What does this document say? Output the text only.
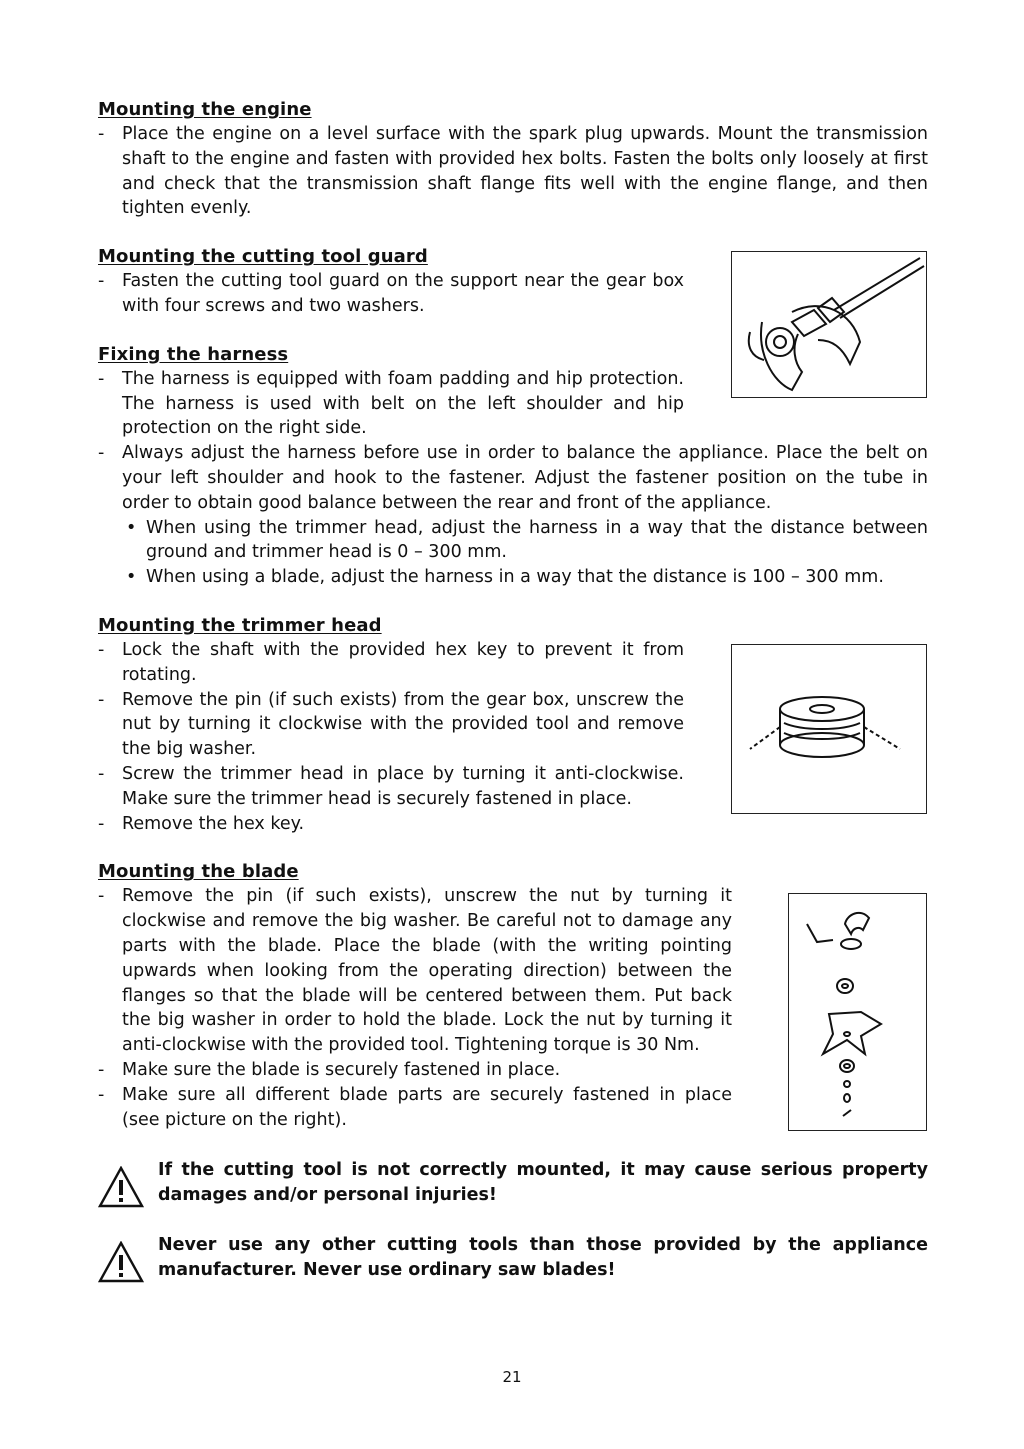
Mounting the engine
- Place the engine on a level surface with the spark plug upwards. Mount the transmission shaft to the engine and fasten with provided hex bolts. Fasten the bolts only loosely at first and check that the transmission shaft flange fits well with the engine flange, and then tighten evenly.
Mounting the cutting tool guard
- Fasten the cutting tool guard on the support near the gear box with four screws and two washers.
Fixing the harness
- The harness is equipped with foam padding and hip protection. The harness is used with belt on the left shoulder and hip protection on the right side.
- Always adjust the harness before use in order to balance the appliance. Place the belt on your left shoulder and hook to the fastener. Adjust the fastener position on the tube in order to obtain good balance between the rear and front of the appliance.
• When using the trimmer head, adjust the harness in a way that the distance between ground and trimmer head is 0 – 300 mm.
• When using a blade, adjust the harness in a way that the distance is 100 – 300 mm.
Mounting the trimmer head
- Lock the shaft with the provided hex key to prevent it from rotating.
- Remove the pin (if such exists) from the gear box, unscrew the nut by turning it clockwise with the provided tool and remove the big washer.
- Screw the trimmer head in place by turning it anti-clockwise. Make sure the trimmer head is securely fastened in place.
- Remove the hex key.
Mounting the blade
- Remove the pin (if such exists), unscrew the nut by turning it clockwise and remove the big washer. Be careful not to damage any parts with the blade. Place the blade (with the writing pointing upwards when looking from the operating direction) between the flanges so that the blade will be centered between them. Put back the big washer in order to hold the blade. Lock the nut by turning it anti-clockwise with the provided tool. Tightening torque is 30 Nm.
- Make sure the blade is securely fastened in place.
- Make sure all different blade parts are securely fastened in place (see picture on the right).
If the cutting tool is not correctly mounted, it may cause serious property damages and/or personal injuries!
Never use any other cutting tools than those provided by the appliance manufacturer. Never use ordinary saw blades!
21
